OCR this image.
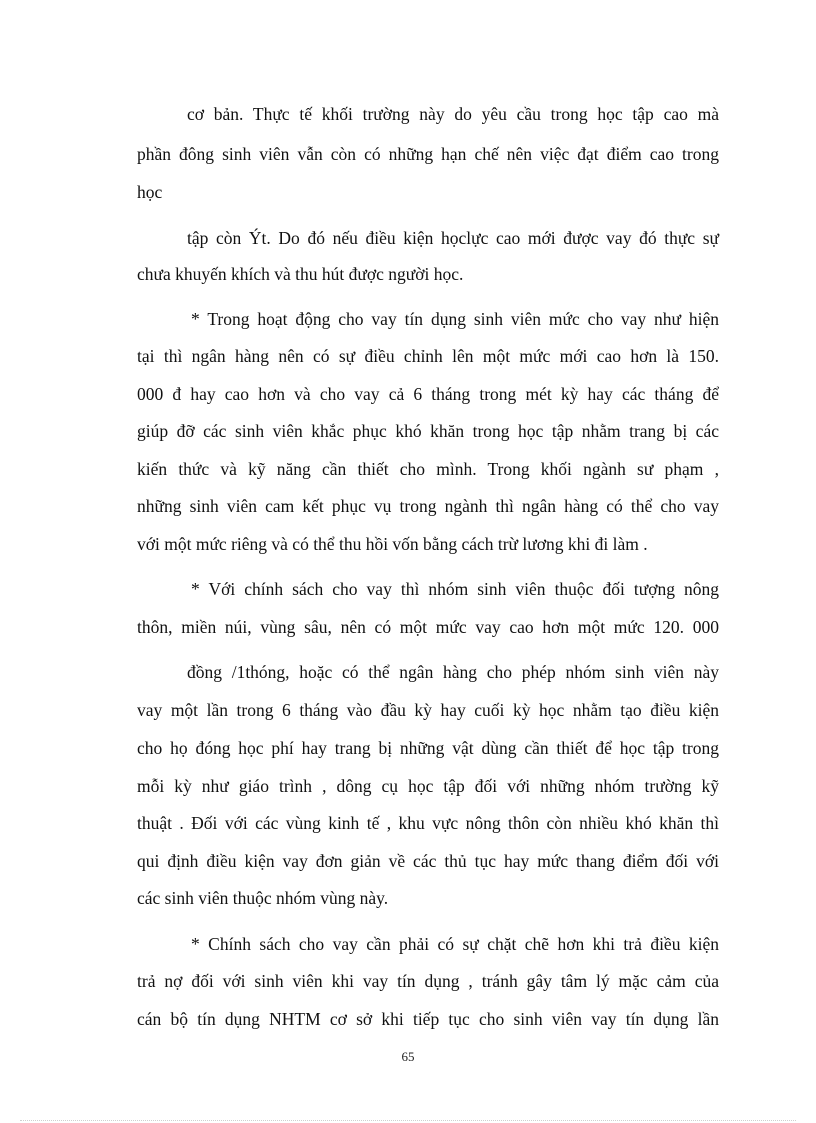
cơ bản. Thực tế khối trường này do yêu cầu trong học tập cao mà
phần đông sinh viên vẫn còn có những hạn chế nên việc đạt điểm cao trong
học
tập còn Ýt. Do đó nếu điều kiện họclực cao mới được vay đó thực sự
chưa khuyến khích và thu hút được người học.
* Trong hoạt động cho vay tín dụng sinh viên mức cho vay như hiện
tại thì ngân hàng nên có sự điều chỉnh lên một mức mới cao hơn là 150.
000 đ hay cao hơn và cho vay cả 6 tháng trong mét kỳ hay các tháng để
giúp đỡ các sinh viên khắc phục khó khăn trong học tập nhằm trang bị các
kiến thức và kỹ năng cần thiết cho mình. Trong khối ngành sư phạm ,
những sinh viên cam kết phục vụ trong ngành thì ngân hàng có thể cho vay
với một mức riêng và có thể thu hồi vốn bằng cách trừ lương khi đi làm .
* Với chính sách cho vay thì nhóm sinh viên thuộc đối tượng nông
thôn, miền núi, vùng sâu, nên có một mức vay cao hơn một mức 120. 000
đồng /1thóng, hoặc có thể ngân hàng cho phép nhóm sinh viên này
vay một lần trong 6 tháng vào đầu kỳ hay cuối kỳ học nhằm tạo điều kiện
cho họ đóng học phí hay trang bị những vật dùng cần thiết để học tập trong
mỗi kỳ như giáo trình , dông cụ học tập đối với những nhóm trường kỹ
thuật . Đối với các vùng kinh tế , khu vực nông thôn còn nhiều khó khăn thì
qui định điều kiện vay đơn giản về các thủ tục hay mức thang điểm đối với
các sinh viên thuộc nhóm vùng này.
* Chính sách cho vay cần phải có sự chặt chẽ hơn khi trả điều kiện
trả nợ đối với sinh viên khi vay tín dụng , tránh gây tâm lý mặc cảm của
cán bộ tín dụng NHTM cơ sở khi tiếp tục cho sinh viên vay tín dụng lần
65
